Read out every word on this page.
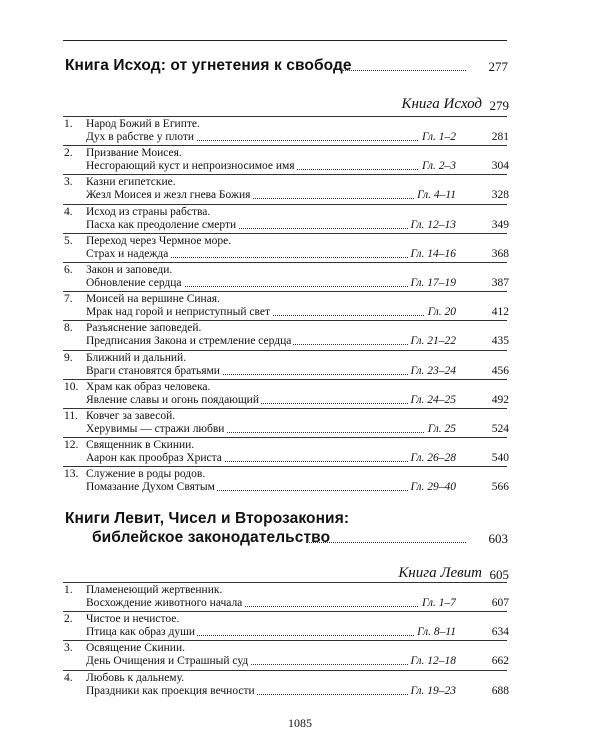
Книга Исход: от угнетения к свободе	277
Книга Исход 279
1.	Народ Божий в Египте.
Дух в рабстве у плоти	Гл. 1–2	281
2.	Призвание Моисея.
Несгорающий куст и непроизносимое имя	Гл. 2–3	304
3.	Казни египетские.
Жезл Моисея и жезл гнева Божия	Гл. 4–11	328
4.	Исход из страны рабства.
Пасха как преодоление смерти	Гл. 12–13	349
5.	Переход через Чермное море.
Страх и надежда	Гл. 14–16	368
6.	Закон и заповеди.
Обновление сердца	Гл. 17–19	387
7.	Моисей на вершине Синая.
Мрак над горой и неприступный свет	Гл. 20	412
8.	Разъяснение заповедей.
Предписания Закона и стремление сердца	Гл. 21–22	435
9.	Ближний и дальний.
Враги становятся братьями	Гл. 23–24	456
10. Храм как образ человека.
Явление славы и огонь поядающий	Гл. 24–25	492
11. Ковчег за завесой.
Херувимы — стражи любви	Гл. 25	524
12. Священник в Скинии.
Аарон как прообраз Христа	Гл. 26–28	540
13. Служение в роды родов.
Помазание Духом Святым	Гл. 29–40	566
Книги Левит, Чисел и Второзакония:
библейское законодательство	603
Книга Левит 605
1.	Пламенеющий жертвенник.
Восхождение животного начала	Гл. 1–7	607
2.	Чистое и нечистое.
Птица как образ души	Гл. 8–11	634
3.	Освящение Скинии.
День Очищения и Страшный суд	Гл. 12–18	662
4.	Любовь к дальнему.
Праздники как проекция вечности	Гл. 19–23	688
1085
